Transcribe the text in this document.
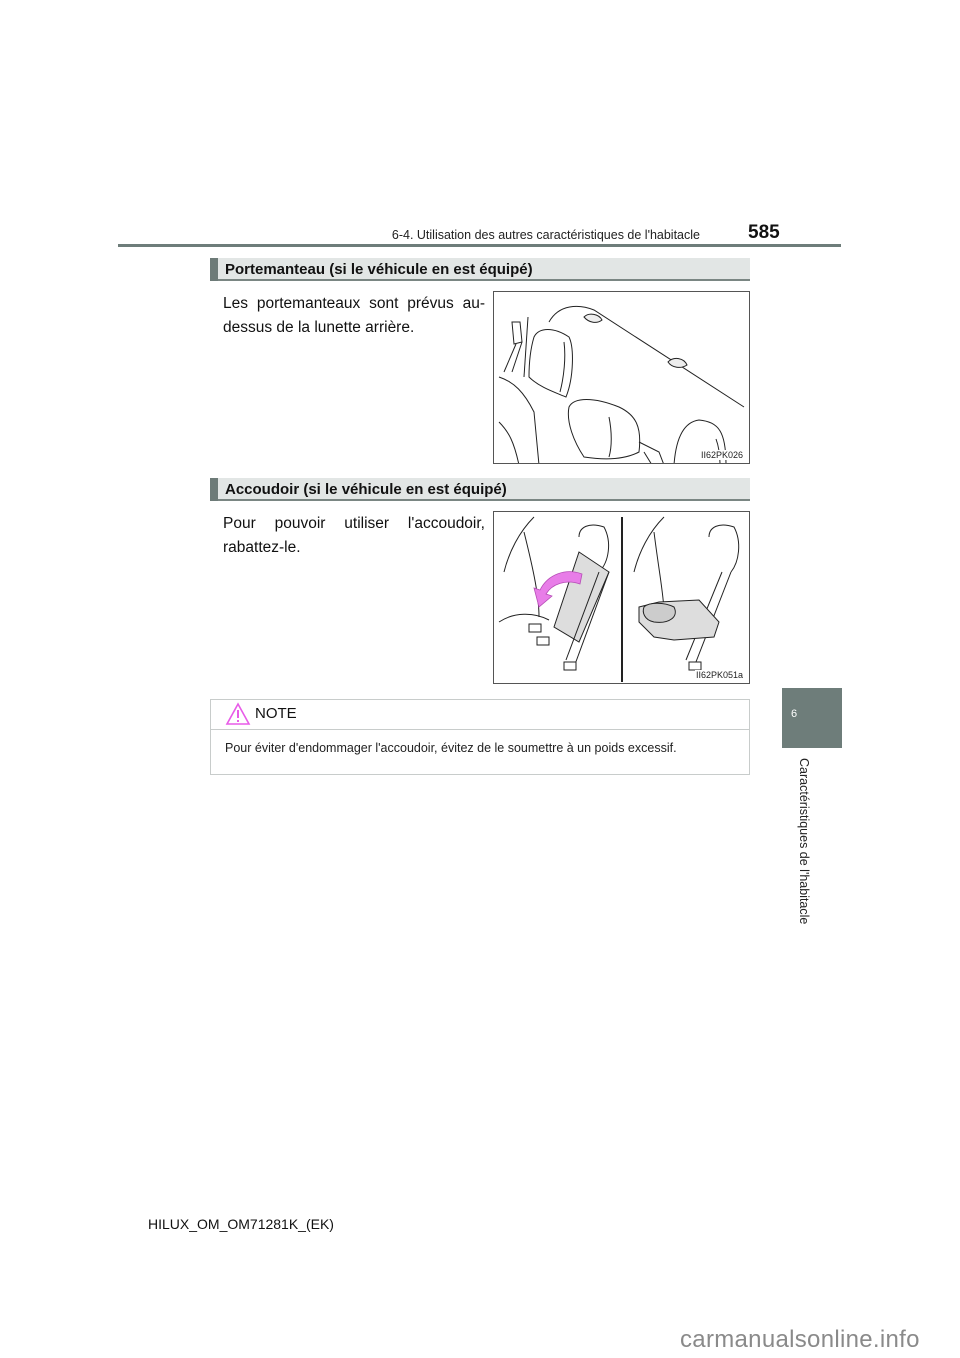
6-4. Utilisation des autres caractéristiques de l'habitacle	585
Portemanteau (si le véhicule en est équipé)
Les portemanteaux sont prévus au-dessus de la lunette arrière.
II62PK026
Accoudoir (si le véhicule en est équipé)
Pour pouvoir utiliser l'accoudoir, rabattez-le.
II62PK051a
NOTE
Pour éviter d'endommager l'accoudoir, évitez de le soumettre à un poids excessif.
6
Caractéristiques de l'habitacle
HILUX_OM_OM71281K_(EK)
carmanualsonline.info
